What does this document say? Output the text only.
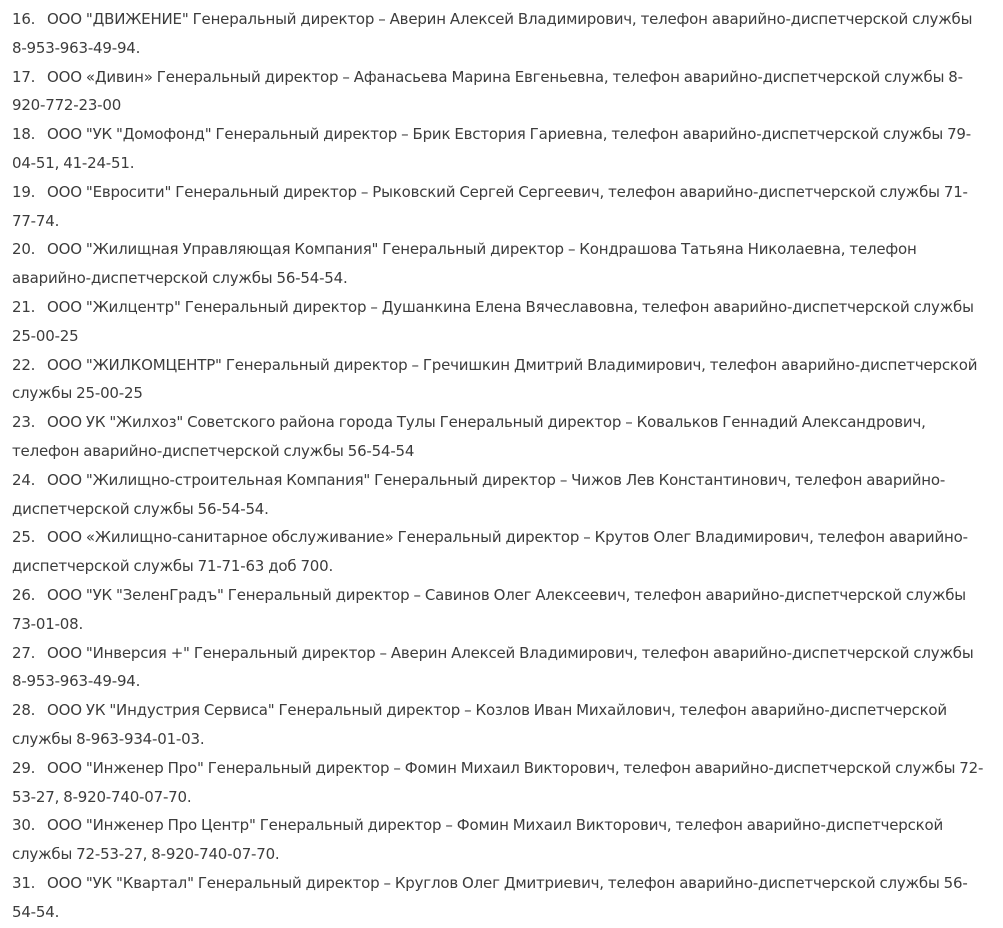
16. ООО "ДВИЖЕНИЕ" Генеральный директор – Аверин Алексей Владимирович, телефон аварийно-диспетчерской службы 8-953-963-49-94.
17. ООО «Дивин» Генеральный директор – Афанасьева Марина Евгеньевна, телефон аварийно-диспетчерской службы 8-920-772-23-00
18. ООО "УК "Домофонд" Генеральный директор – Брик Евстория Гариевна, телефон аварийно-диспетчерской службы 79-04-51, 41-24-51.
19. ООО "Евросити" Генеральный директор – Рыковский Сергей Сергеевич, телефон аварийно-диспетчерской службы 71-77-74.
20. ООО "Жилищная Управляющая Компания" Генеральный директор – Кондрашова Татьяна Николаевна, телефон аварийно-диспетчерской службы 56-54-54.
21. ООО "Жилцентр" Генеральный директор – Душанкина Елена Вячеславовна, телефон аварийно-диспетчерской службы 25-00-25
22. ООО "ЖИЛКОМЦЕНТР" Генеральный директор – Гречишкин Дмитрий Владимирович, телефон аварийно-диспетчерской службы 25-00-25
23. ООО УК "Жилхоз" Советского района города Тулы Генеральный директор – Ковальков Геннадий Александрович, телефон аварийно-диспетчерской службы 56-54-54
24. ООО "Жилищно-строительная Компания" Генеральный директор – Чижов Лев Константинович, телефон аварийно-диспетчерской службы 56-54-54.
25. ООО «Жилищно-санитарное обслуживание» Генеральный директор – Крутов Олег Владимирович, телефон аварийно-диспетчерской службы 71-71-63 доб 700.
26. ООО "УК "ЗеленГрадъ" Генеральный директор – Савинов Олег Алексеевич, телефон аварийно-диспетчерской службы 73-01-08.
27. ООО "Инверсия +" Генеральный директор – Аверин Алексей Владимирович, телефон аварийно-диспетчерской службы 8-953-963-49-94.
28. ООО УК "Индустрия Сервиса" Генеральный директор – Козлов Иван Михайлович, телефон аварийно-диспетчерской службы 8-963-934-01-03.
29. ООО "Инженер Про" Генеральный директор – Фомин Михаил Викторович, телефон аварийно-диспетчерской службы 72-53-27, 8-920-740-07-70.
30. ООО "Инженер Про Центр" Генеральный директор – Фомин Михаил Викторович, телефон аварийно-диспетчерской службы 72-53-27, 8-920-740-07-70.
31. ООО "УК "Квартал" Генеральный директор – Круглов Олег Дмитриевич, телефон аварийно-диспетчерской службы 56-54-54.
